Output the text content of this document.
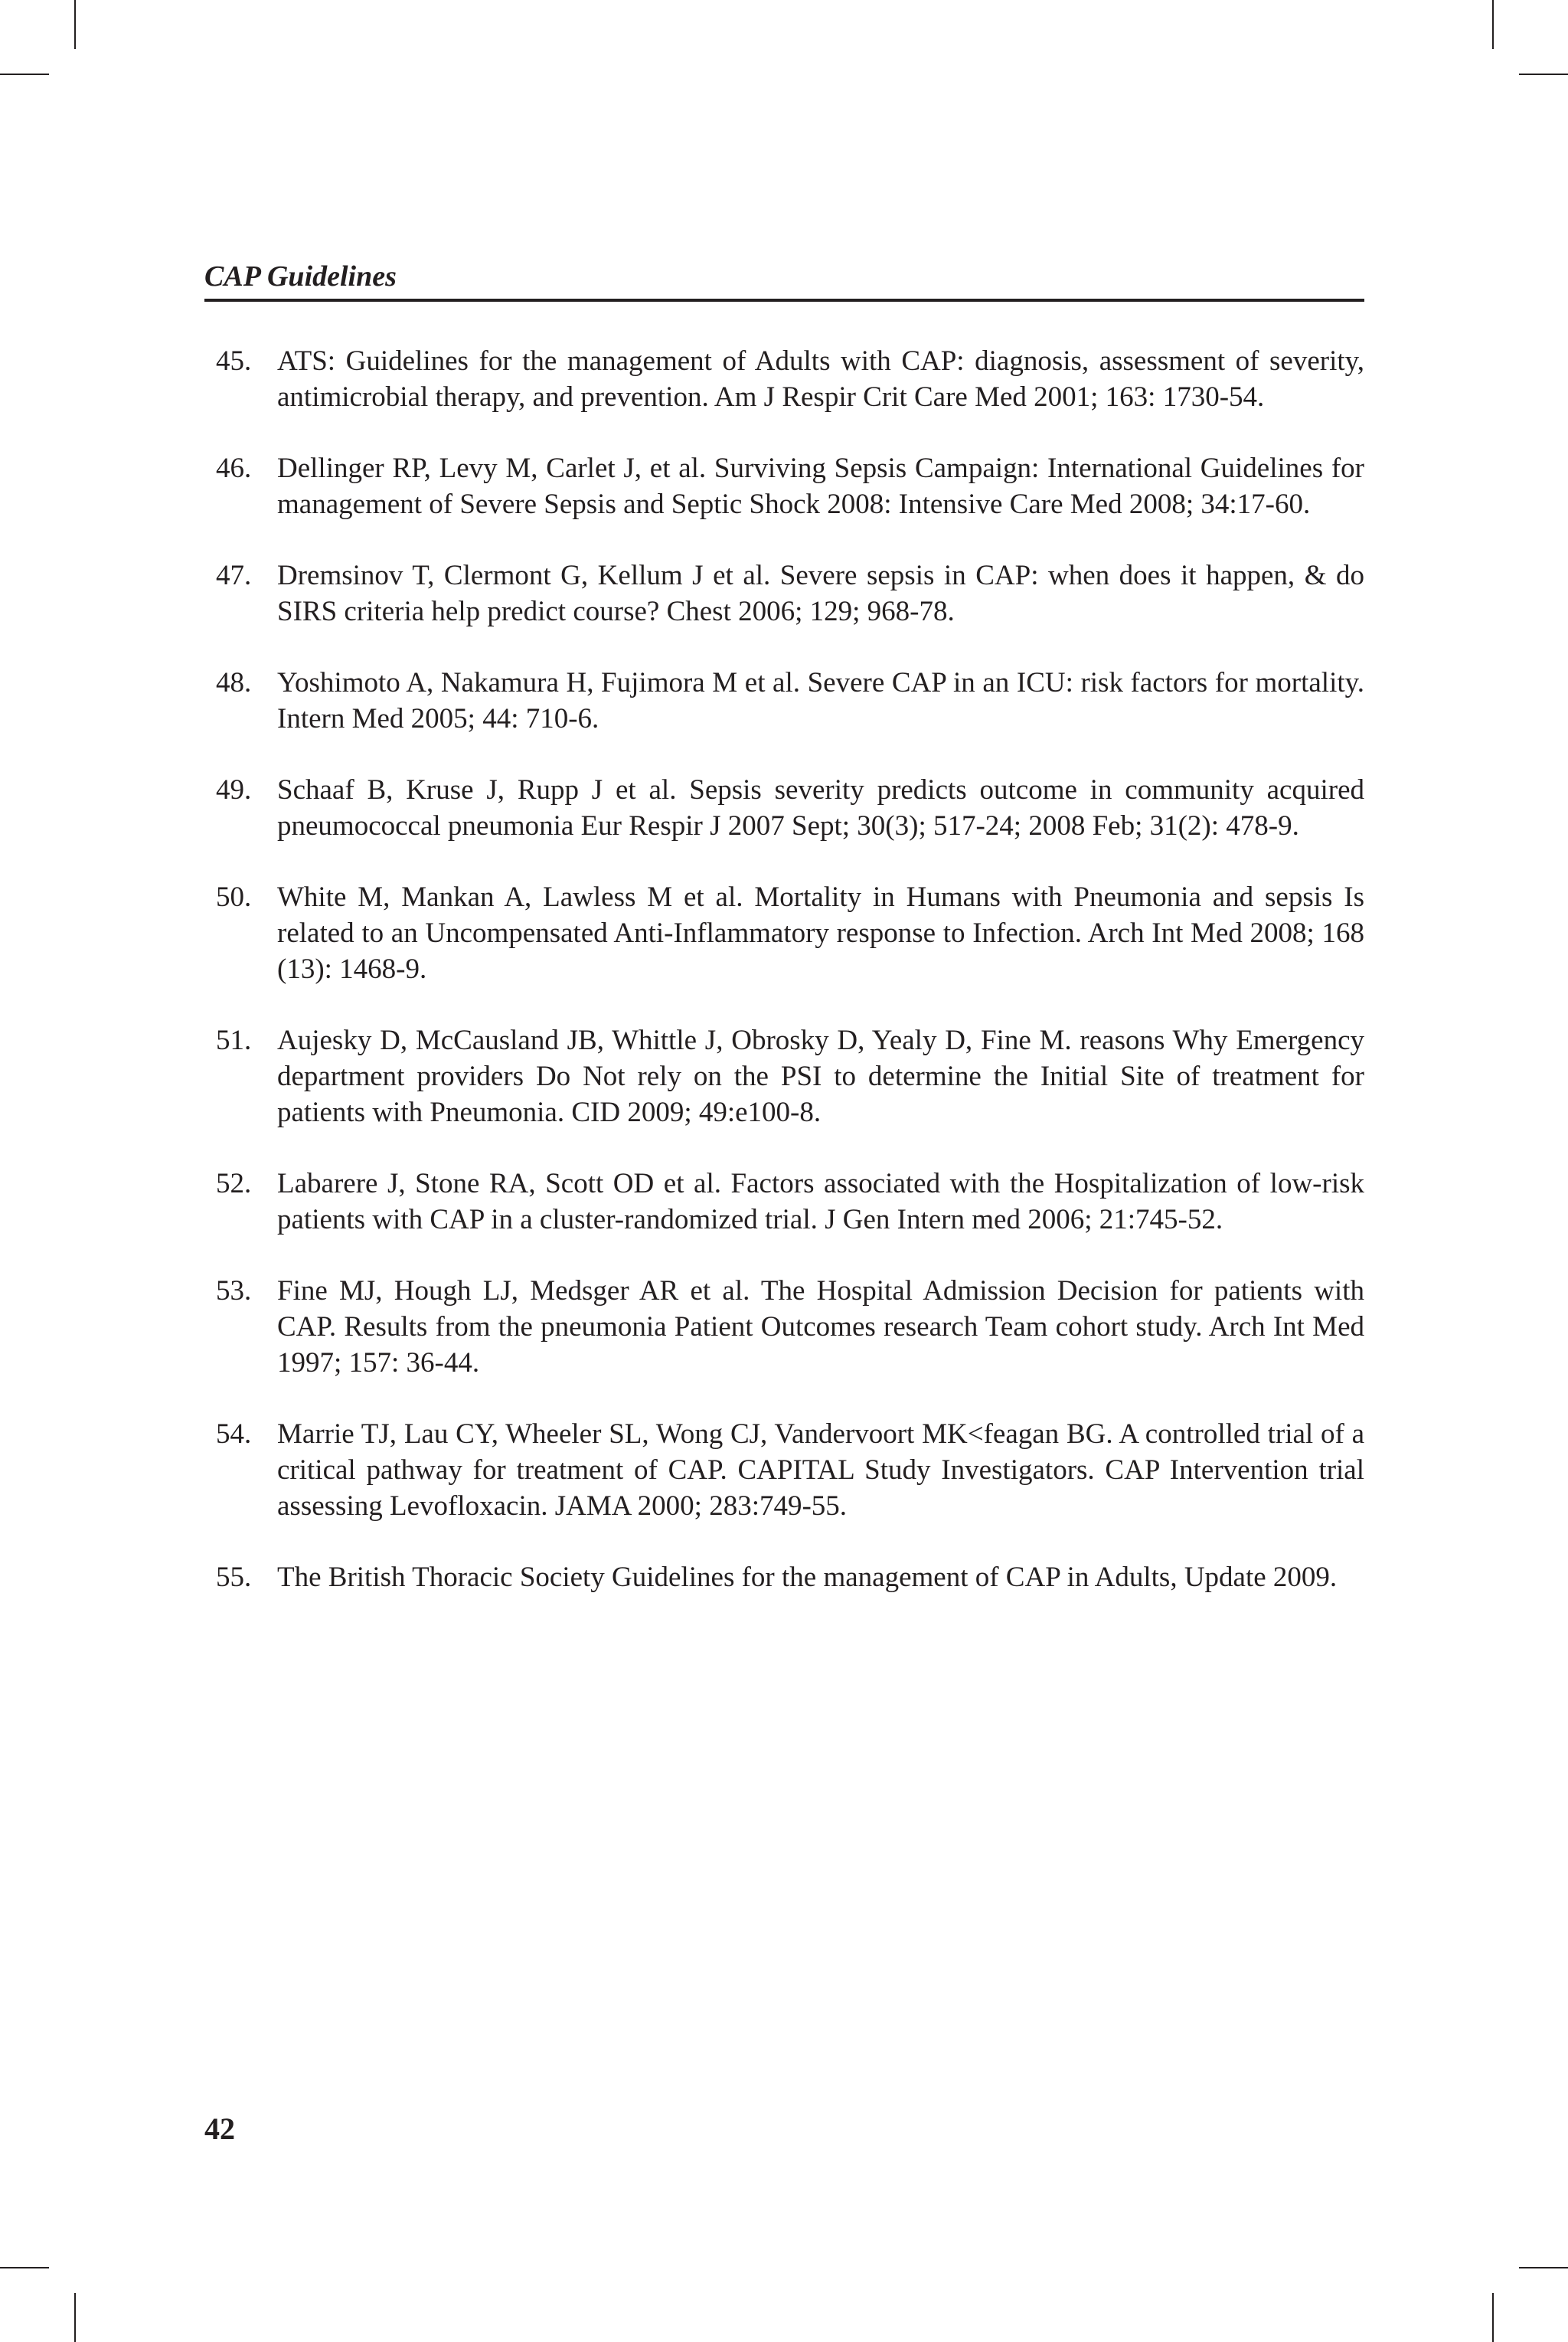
CAP Guidelines
45. ATS: Guidelines for the management of Adults with CAP: diagnosis, assessment of severity, antimicrobial therapy, and prevention. Am J Respir Crit Care Med 2001; 163: 1730-54.
46. Dellinger RP, Levy M, Carlet J, et al. Surviving Sepsis Campaign: International Guidelines for management of Severe Sepsis and Septic Shock 2008: Intensive Care Med 2008; 34:17-60.
47. Dremsinov T, Clermont G, Kellum J et al. Severe sepsis in CAP: when does it happen, & do SIRS criteria help predict course? Chest 2006; 129; 968-78.
48. Yoshimoto A, Nakamura H, Fujimora M et al. Severe CAP in an ICU: risk factors for mortality. Intern Med 2005; 44: 710-6.
49. Schaaf B, Kruse J, Rupp J et al. Sepsis severity predicts outcome in community acquired pneumococcal pneumonia Eur Respir J 2007 Sept; 30(3); 517-24; 2008 Feb; 31(2): 478-9.
50. White M, Mankan A, Lawless M et al. Mortality in Humans with Pneumonia and sepsis Is related to an Uncompensated Anti-Inflammatory response to Infection. Arch Int Med 2008; 168 (13): 1468-9.
51. Aujesky D, McCausland JB, Whittle J, Obrosky D, Yealy D, Fine M. reasons Why Emergency department providers Do Not rely on the PSI to determine the Initial Site of treatment for patients with Pneumonia. CID 2009; 49:e100-8.
52. Labarere J, Stone RA, Scott OD et al. Factors associated with the Hospitalization of low-risk patients with CAP in a cluster-randomized trial. J Gen Intern med 2006; 21:745-52.
53. Fine MJ, Hough LJ, Medsger AR et al. The Hospital Admission Decision for patients with CAP. Results from the pneumonia Patient Outcomes research Team cohort study. Arch Int Med 1997; 157: 36-44.
54. Marrie TJ, Lau CY, Wheeler SL, Wong CJ, Vandervoort MK<feagan BG. A controlled trial of a critical pathway for treatment of CAP. CAPITAL Study Investigators. CAP Intervention trial assessing Levofloxacin. JAMA 2000; 283:749-55.
55. The British Thoracic Society Guidelines for the management of CAP in Adults, Update 2009.
42
